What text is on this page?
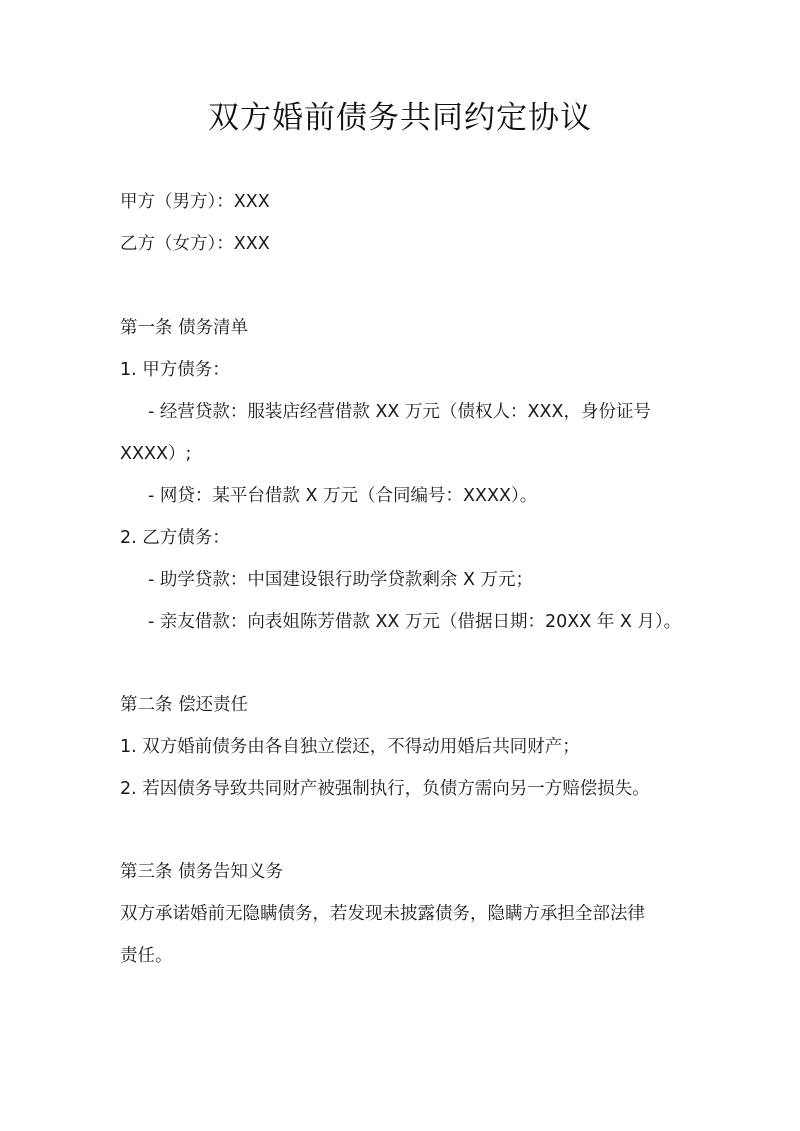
双方婚前债务共同约定协议
甲方（男方）：XXX
乙方（女方）：XXX
第一条 债务清单
1. 甲方债务：
- 经营贷款：服装店经营借款 XX 万元（债权人：XXX，身份证号
XXXX）;
- 网贷：某平台借款 X 万元（合同编号：XXXX）。
2. 乙方债务：
- 助学贷款：中国建设银行助学贷款剩余 X 万元；
- 亲友借款：向表姐陈芳借款 XX 万元（借据日期：20XX 年 X 月）。
第二条 偿还责任
1. 双方婚前债务由各自独立偿还，不得动用婚后共同财产；
2. 若因债务导致共同财产被强制执行，负债方需向另一方赔偿损失。
第三条 债务告知义务
双方承诺婚前无隐瞒债务，若发现未披露债务，隐瞒方承担全部法律
责任。
